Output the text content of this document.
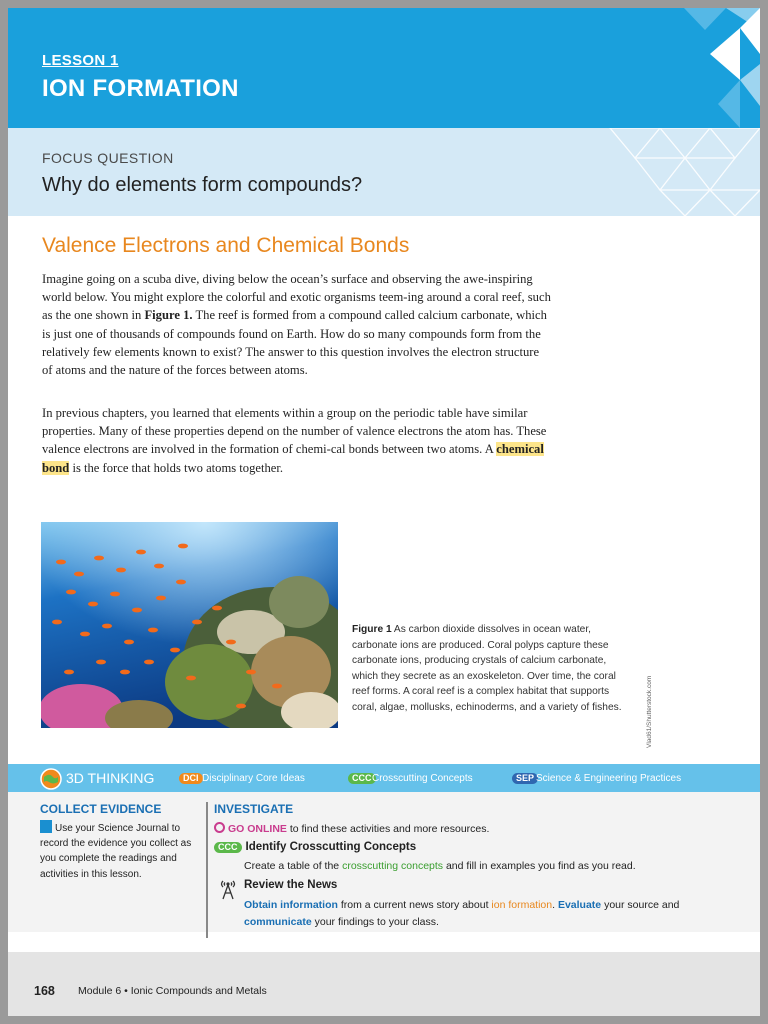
LESSON 1
ION FORMATION
FOCUS QUESTION
Why do elements form compounds?
Valence Electrons and Chemical Bonds

Imagine going on a scuba dive, diving below the ocean’s surface and observing the awe-inspiring world below. You might explore the colorful and exotic organisms teem-ing around a coral reef, such as the one shown in Figure 1. The reef is formed from a compound called calcium carbonate, which is just one of thousands of compounds found on Earth. How do so many compounds form from the relatively few elements known to exist? The answer to this question involves the electron structure of atoms and the nature of the forces between atoms.

In previous chapters, you learned that elements within a group on the periodic table have similar properties. Many of these properties depend on the number of valence electrons the atom has. These valence electrons are involved in the formation of chemi-cal bonds between two atoms. A chemical bond is the force that holds two atoms together.

Figure 1 As carbon dioxide dissolves in ocean water, carbonate ions are produced. Coral polyps capture these carbonate ions, producing crystals of calcium carbonate, which they secrete as an exoskeleton. Over time, the coral reef forms. A coral reef is a complex habitat that supports coral, algae, mollusks, echinoderms, and a variety of fishes.	Vlad61/Shutterstock.com
3D THINKING	DCI Disciplinary Core Ideas	CCC Crosscutting Concepts	SEP Science & Engineering Practices
COLLECT EVIDENCE
Use your Science Journal to record the evidence you collect as you complete the readings and activities in this lesson.
INVESTIGATE
GO ONLINE to find these activities and more resources.
CCC Identify Crosscutting Concepts
Create a table of the crosscutting concepts and fill in examples you find as you read.
Review the News
Obtain information from a current news story about ion formation. Evaluate your source and communicate your findings to your class.
168 Module 6 • Ionic Compounds and Metals
